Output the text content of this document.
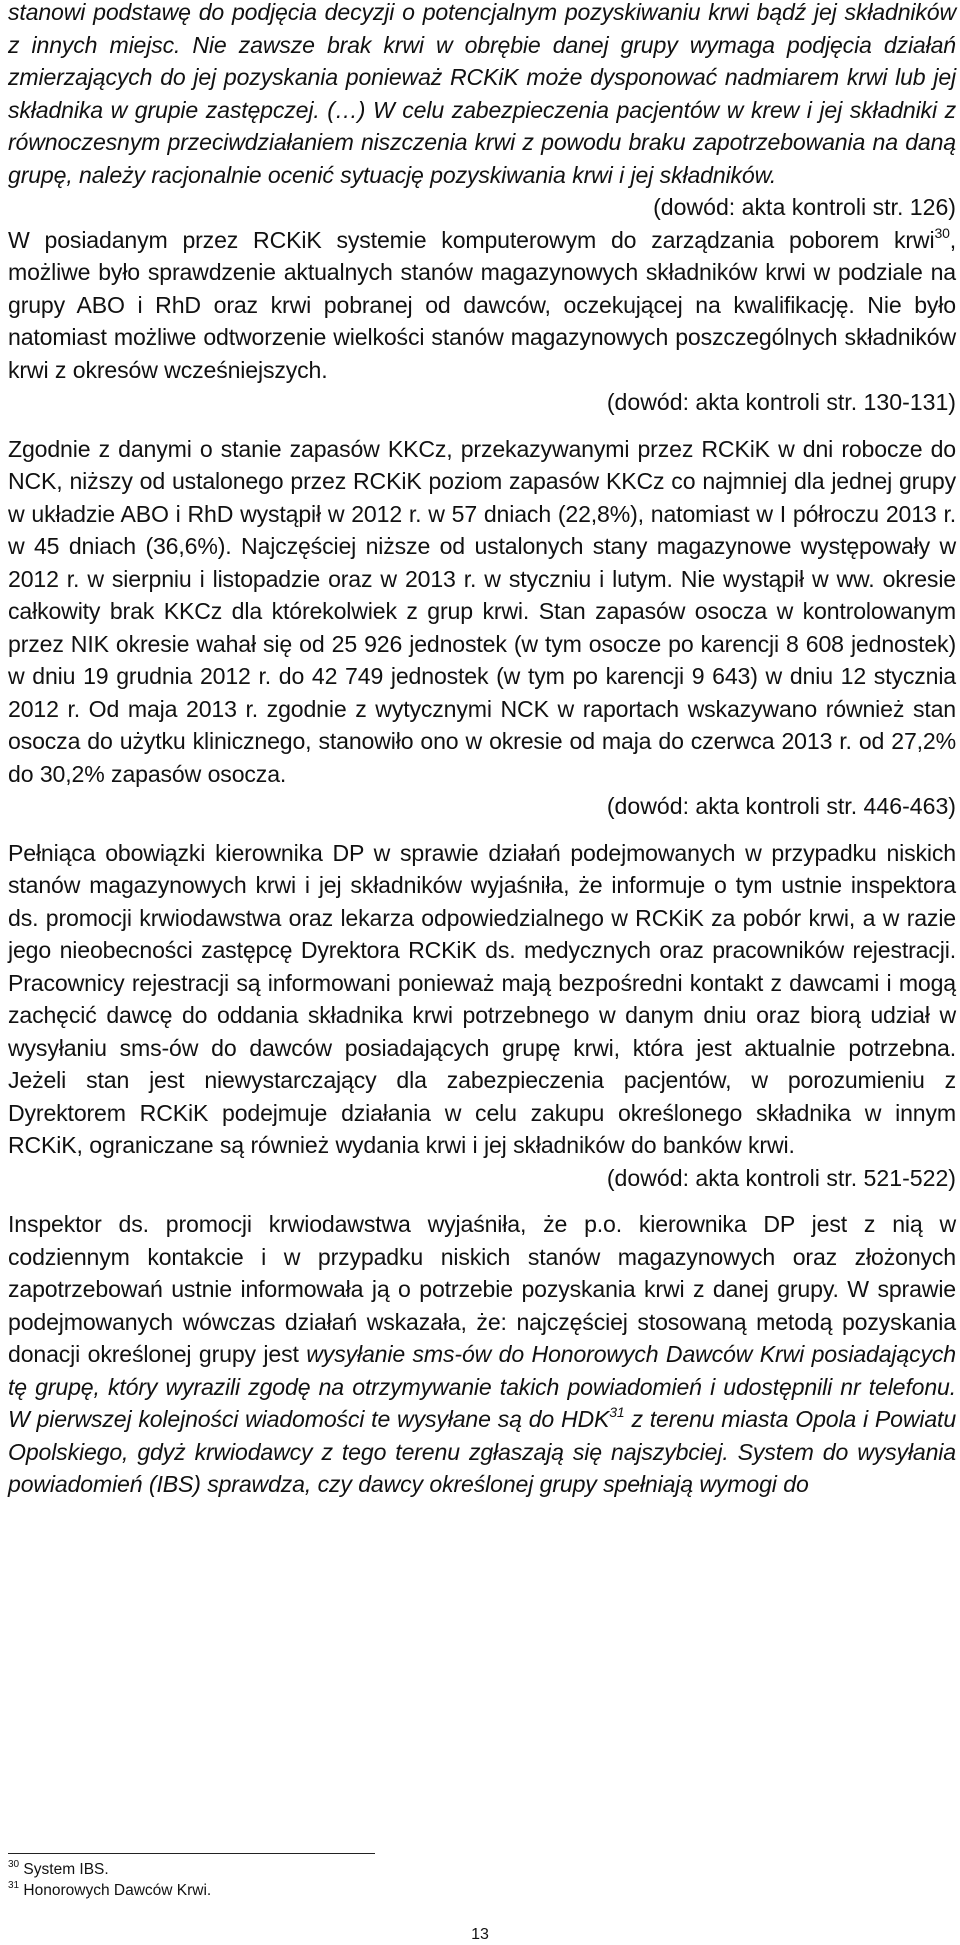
stanowi podstawę do podjęcia decyzji o potencjalnym pozyskiwaniu krwi bądź jej składników z innych miejsc. Nie zawsze brak krwi w obrębie danej grupy wymaga podjęcia działań zmierzających do jej pozyskania ponieważ RCKiK może dysponować nadmiarem krwi lub jej składnika w grupie zastępczej. (…) W celu zabezpieczenia pacjentów w krew i jej składniki z równoczesnym przeciwdziałaniem niszczenia krwi z powodu braku zapotrzebowania na daną grupę, należy racjonalnie ocenić sytuację pozyskiwania krwi i jej składników.

(dowód: akta kontroli str. 126)

W posiadanym przez RCKiK systemie komputerowym do zarządzania poborem krwi$^{30}$, możliwe było sprawdzenie aktualnych stanów magazynowych składników krwi w podziale na grupy ABO i RhD oraz krwi pobranej od dawców, oczekującej na kwalifikację. Nie było natomiast możliwe odtworzenie wielkości stanów magazynowych poszczególnych składników krwi z okresów wcześniejszych.

(dowód: akta kontroli str. 130-131)

Zgodnie z danymi o stanie zapasów KKCz, przekazywanymi przez RCKiK w dni robocze do NCK, niższy od ustalonego przez RCKiK poziom zapasów KKCz co najmniej dla jednej grupy w układzie ABO i RhD wystąpił w 2012 r. w 57 dniach (22,8%), natomiast w I półroczu 2013 r. w 45 dniach (36,6%). Najczęściej niższe od ustalonych stany magazynowe występowały w 2012 r. w sierpniu i listopadzie oraz w 2013 r. w styczniu i lutym. Nie wystąpił w ww. okresie całkowity brak KKCz dla którekolwiek z grup krwi. Stan zapasów osocza w kontrolowanym przez NIK okresie wahał się od 25 926 jednostek (w tym osocze po karencji 8 608 jednostek) w dniu 19 grudnia 2012 r. do 42 749 jednostek (w tym po karencji 9 643) w dniu 12 stycznia 2012 r. Od maja 2013 r. zgodnie z wytycznymi NCK w raportach wskazywano również stan osocza do użytku klinicznego, stanowiło ono w okresie od maja do czerwca 2013 r. od 27,2% do 30,2% zapasów osocza.

(dowód: akta kontroli str. 446-463)

Pełniąca obowiązki kierownika DP w sprawie działań podejmowanych w przypadku niskich stanów magazynowych krwi i jej składników wyjaśniła, że informuje o tym ustnie inspektora ds. promocji krwiodawstwa oraz lekarza odpowiedzialnego w RCKiK za pobór krwi, a w razie jego nieobecności zastępcę Dyrektora RCKiK ds. medycznych oraz pracowników rejestracji. Pracownicy rejestracji są informowani ponieważ mają bezpośredni kontakt z dawcami i mogą zachęcić dawcę do oddania składnika krwi potrzebnego w danym dniu oraz biorą udział w wysyłaniu sms-ów do dawców posiadających grupę krwi, która jest aktualnie potrzebna. Jeżeli stan jest niewystarczający dla zabezpieczenia pacjentów, w porozumieniu z Dyrektorem RCKiK podejmuje działania w celu zakupu określonego składnika w innym RCKiK, ograniczane są również wydania krwi i jej składników do banków krwi.

(dowód: akta kontroli str. 521-522)

Inspektor ds. promocji krwiodawstwa wyjaśniła, że p.o. kierownika DP jest z nią w codziennym kontakcie i w przypadku niskich stanów magazynowych oraz złożonych zapotrzebowań ustnie informowała ją o potrzebie pozyskania krwi z danej grupy. W sprawie podejmowanych wówczas działań wskazała, że: najczęściej stosowaną metodą pozyskania donacji określonej grupy jest wysyłanie sms-ów do Honorowych Dawców Krwi posiadających tę grupę, który wyrazili zgodę na otrzymywanie takich powiadomień i udostępnili nr telefonu. W pierwszej kolejności wiadomości te wysyłane są do HDK$^{31}$ z terenu miasta Opola i Powiatu Opolskiego, gdyż krwiodawcy z tego terenu zgłaszają się najszybciej. System do wysyłania powiadomień (IBS) sprawdza, czy dawcy określonej grupy spełniają wymogi do

$^{30}$ System IBS.
$^{31}$ Honorowych Dawców Krwi.
13
